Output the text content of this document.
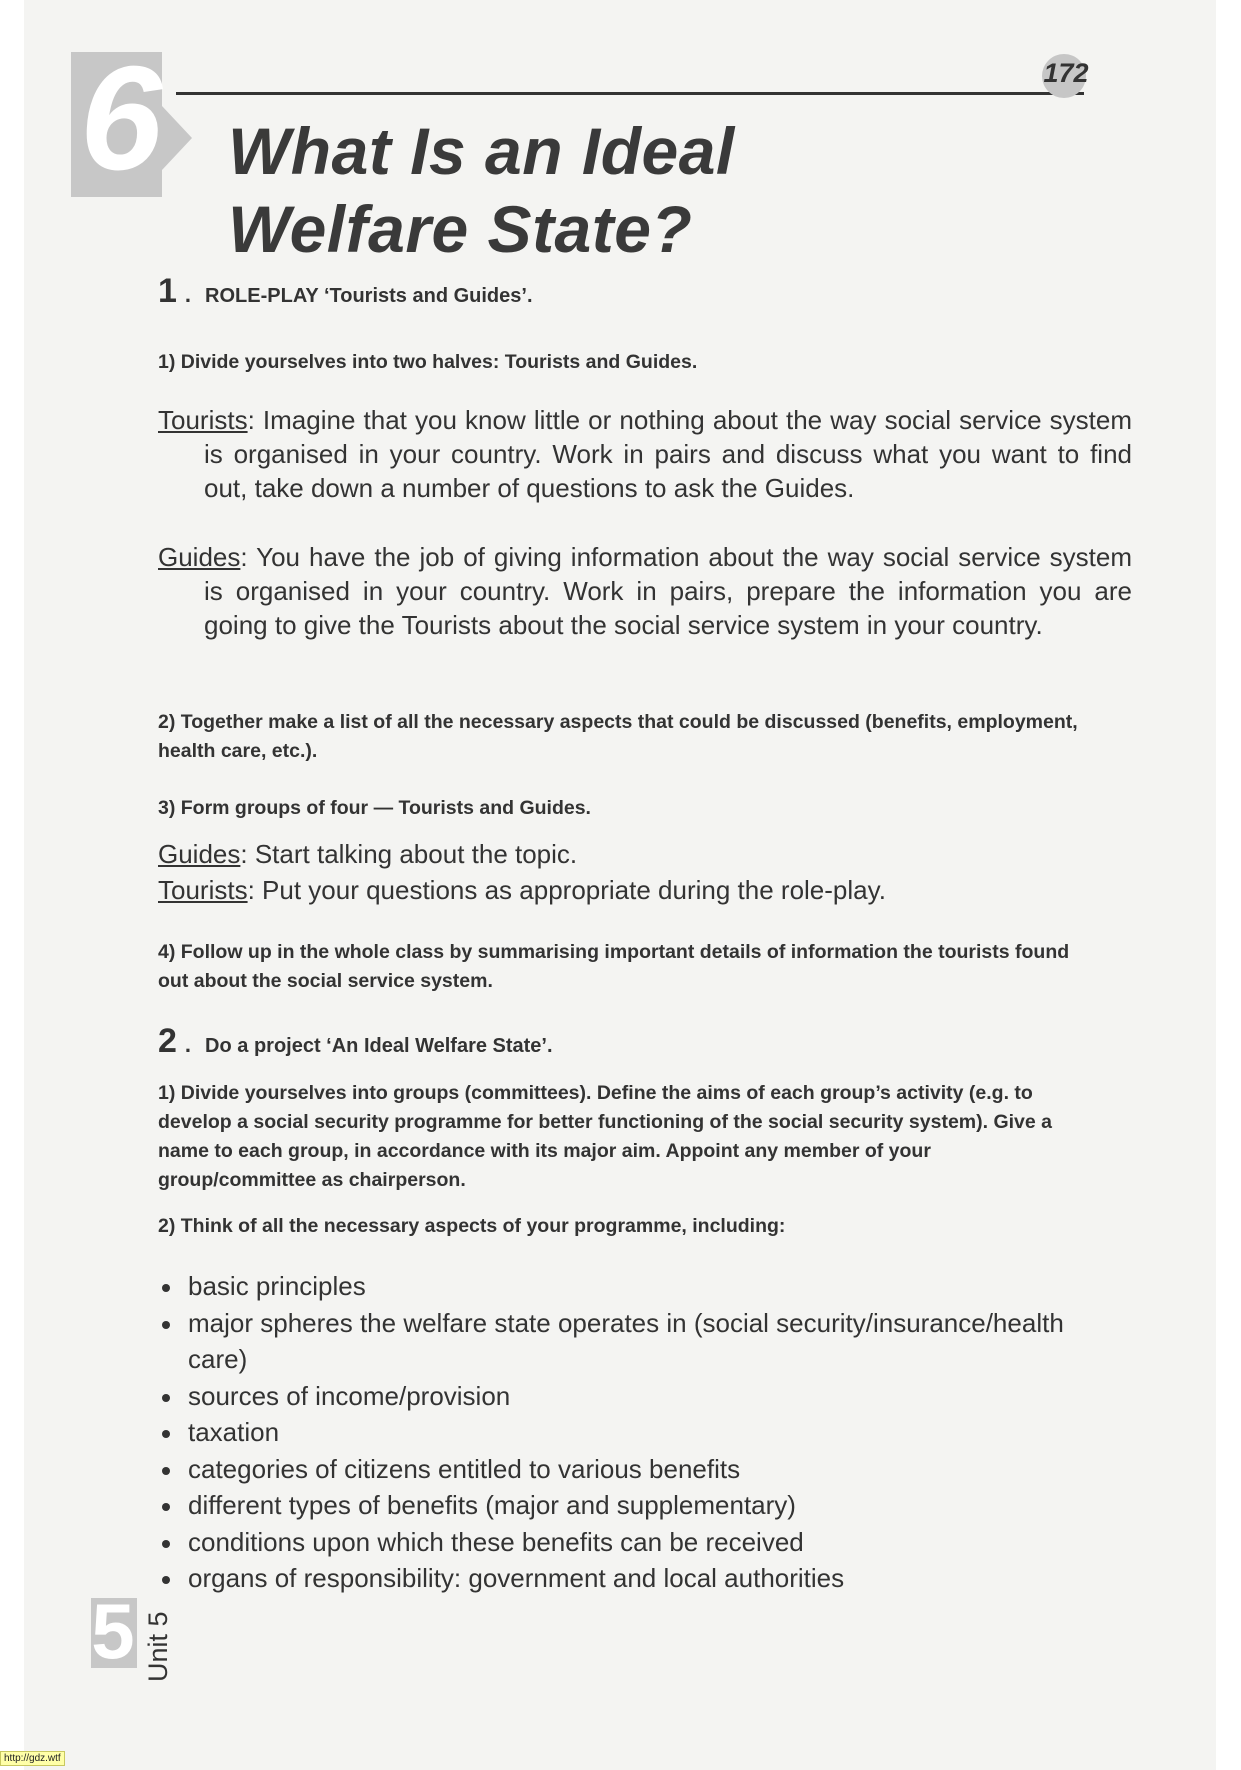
6	172
What Is an Ideal
Welfare State?
1 . ROLE-PLAY ‘Tourists and Guides’.

1) Divide yourselves into two halves: Tourists and Guides.

Tourists: Imagine that you know little or nothing about the way social service system is organised in your country. Work in pairs and discuss what you want to find out, take down a number of questions to ask the Guides.

Guides: You have the job of giving information about the way social service system is organised in your country. Work in pairs, prepare the information you are going to give the Tourists about the social service system in your country.

2) Together make a list of all the necessary aspects that could be discussed (benefits, employment, health care, etc.).

3) Form groups of four — Tourists and Guides.

Guides: Start talking about the topic.

Tourists: Put your questions as appropriate during the role-play.

4) Follow up in the whole class by summarising important details of information the tourists found out about the social service system.

2 . Do a project ‘An Ideal Welfare State’.

1) Divide yourselves into groups (committees). Define the aims of each group’s activity (e.g. to develop a social security programme for better functioning of the social security system). Give a name to each group, in accordance with its major aim. Appoint any member of your group/committee as chairperson.

2) Think of all the necessary aspects of your programme, including:

basic principles
major spheres the welfare state operates in (social security/insurance/health care)
sources of income/provision
taxation
categories of citizens entitled to various benefits
different types of benefits (major and supplementary)
conditions upon which these benefits can be received
organs of responsibility: government and local authorities
5 Unit 5
http://gdz.wtf
